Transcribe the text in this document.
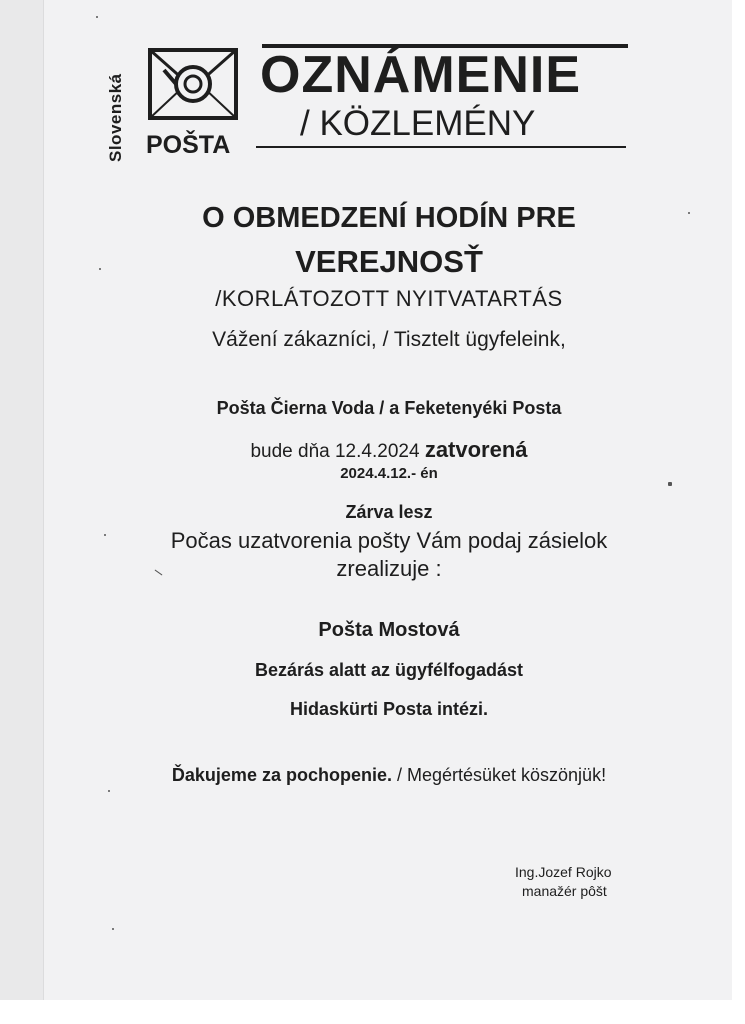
Slovenská POŠTA
OZNÁMENIE
/ KÖZLEMÉNY
O OBMEDZENÍ HODÍN PRE
VEREJNOSŤ
/KORLÁTOZOTT NYITVATARTÁS
Vážení zákazníci, / Tisztelt ügyfeleink,
Pošta Čierna Voda / a Feketenyéki Posta
bude dňa 12.4.2024 zatvorená
2024.4.12.- én
Zárva lesz
Počas uzatvorenia pošty Vám podaj zásielok
zrealizuje :
Pošta Mostová
Bezárás alatt az ügyfélfogadást
Hidaskürti Posta intézi.
Ďakujeme za pochopenie. / Megértésüket köszönjük!
Ing.Jozef Rojko
manažér pôšt
